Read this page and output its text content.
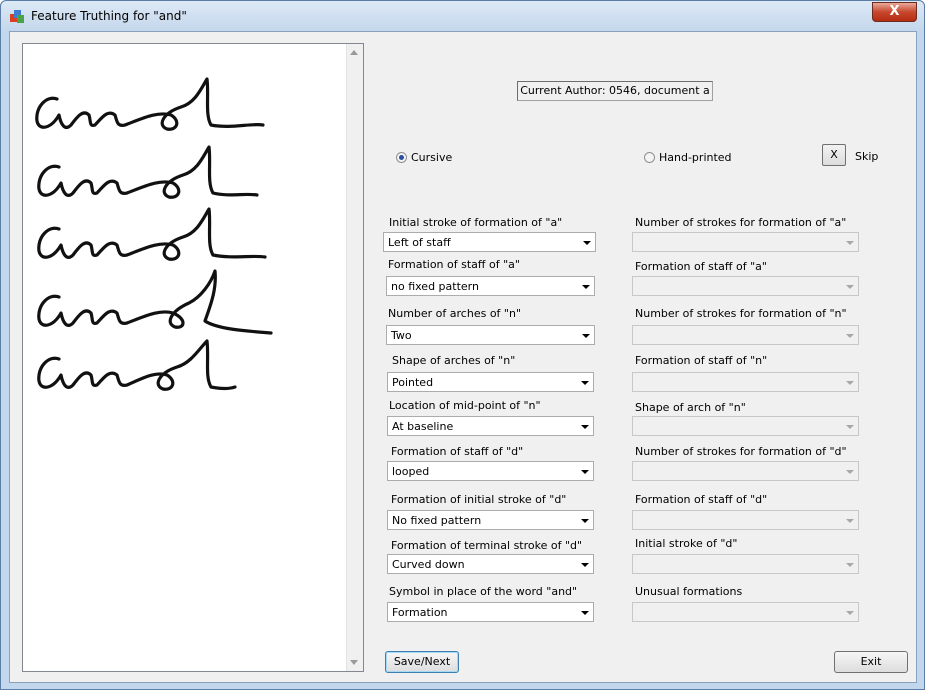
Feature Truthing for "and"	X
Current Author: 0546, document a
Cursive	Hand-printed	X	Skip
Initial stroke of formation of "a"
Left of staff
Formation of staff of "a"
no fixed pattern
Number of arches of "n"
Two
Shape of arches of "n"
Pointed
Location of mid-point of "n"
At baseline
Formation of staff of "d"
looped
Formation of initial stroke of "d"
No fixed pattern
Formation of terminal stroke of "d"
Curved down
Symbol in place of the word "and"
Formation
Number of strokes for formation of "a"
Formation of staff of "a"
Number of strokes for formation of "n"
Formation of staff of "n"
Shape of arch of "n"
Number of strokes for formation of "d"
Formation of staff of "d"
Initial stroke of "d"
Unusual formations
Save/Next	Exit
